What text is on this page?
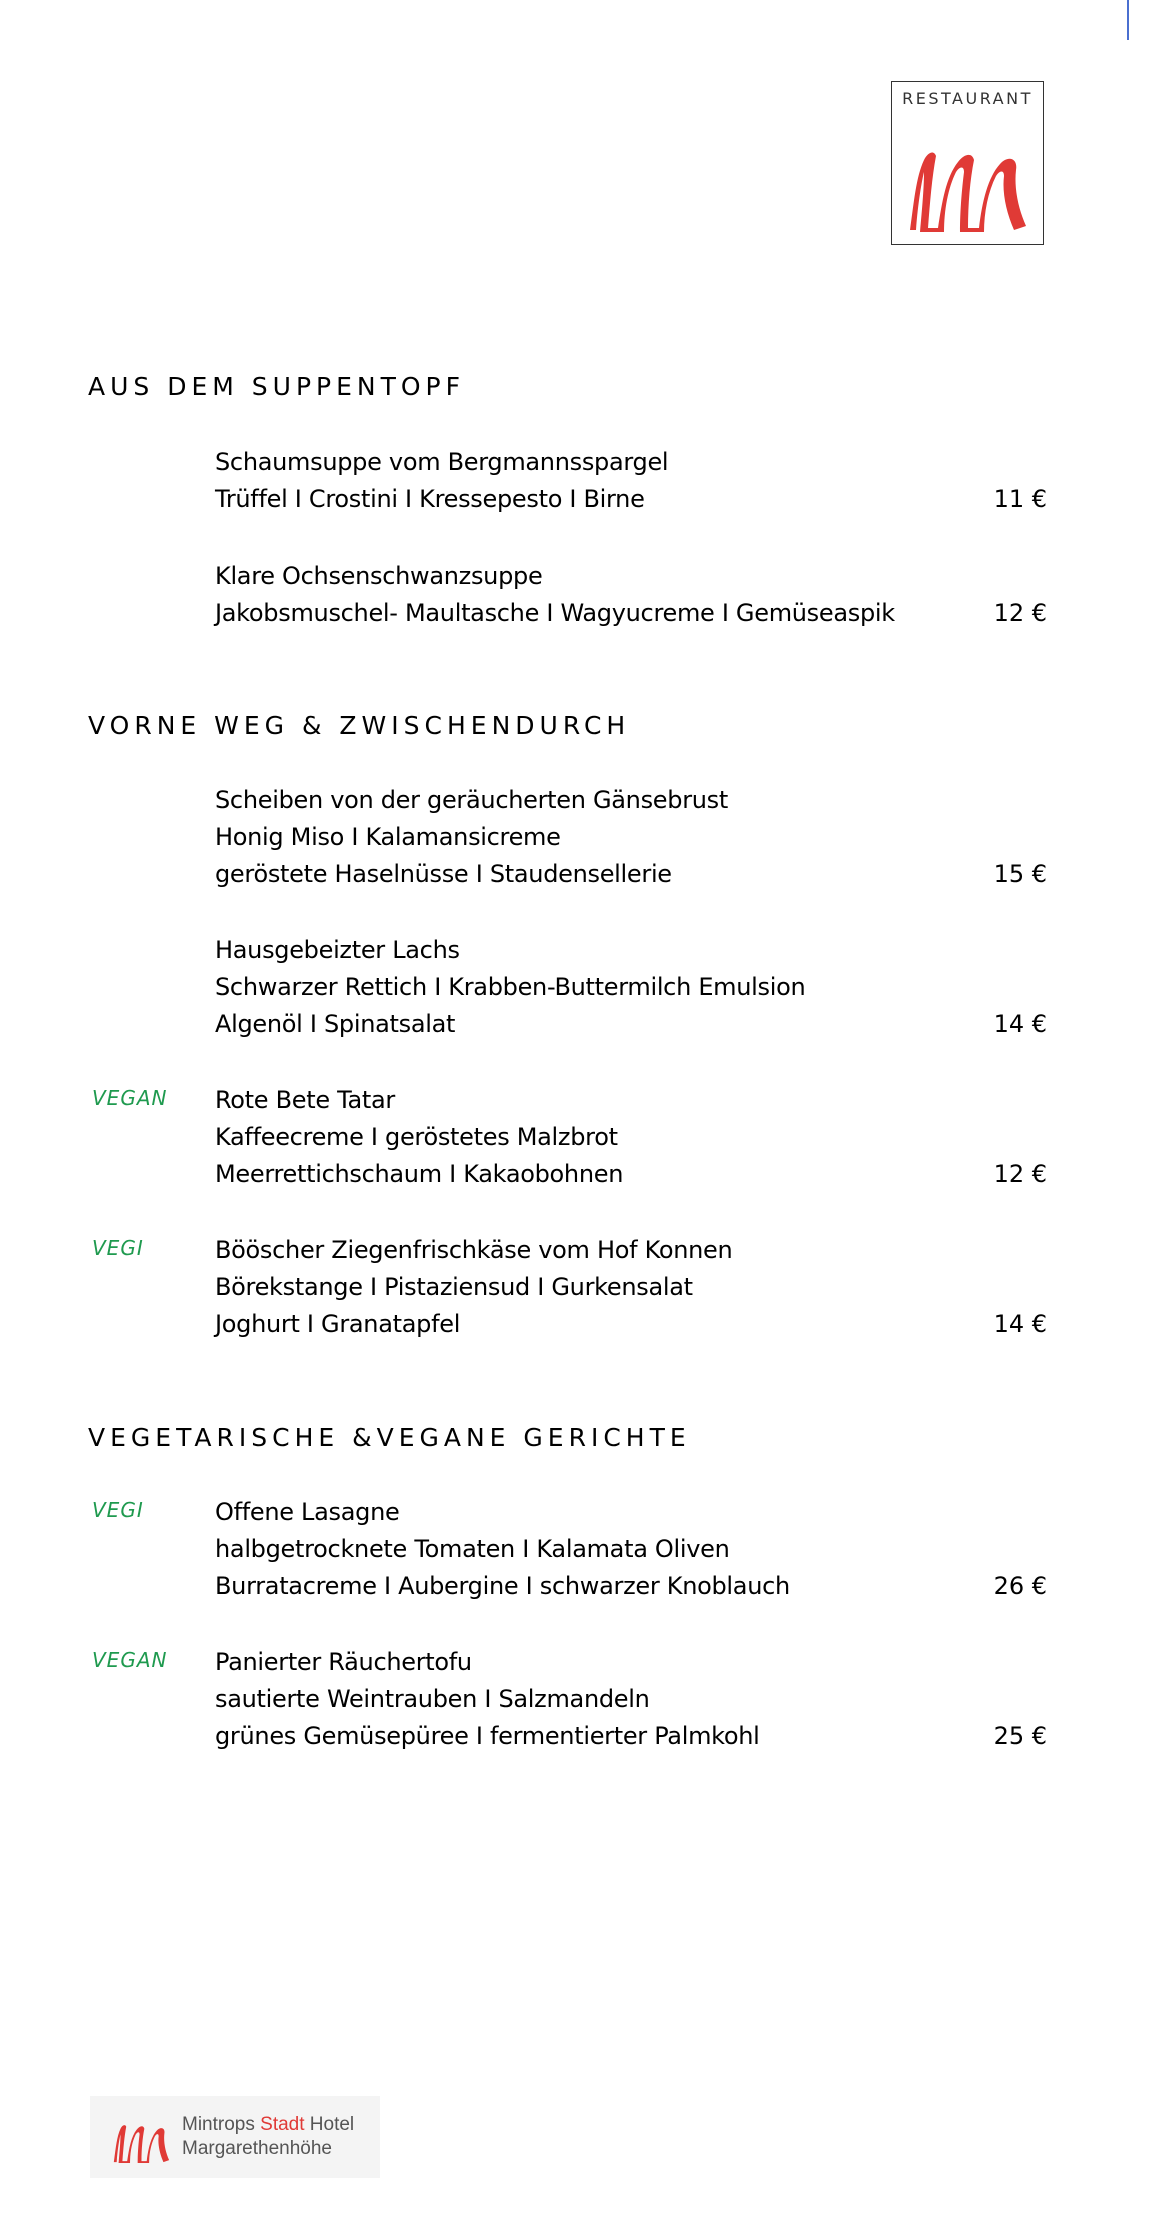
RESTAURANT
AUS DEM SUPPENTOPF
Schaumsuppe vom Bergmannsspargel
Trüffel I Crostini I Kressepesto I Birne	11 €
Klare Ochsenschwanzsuppe
Jakobsmuschel- Maultasche I Wagyucreme I Gemüseaspik	12 €
VORNE WEG & ZWISCHENDURCH
Scheiben von der geräucherten Gänsebrust
Honig Miso I Kalamansicreme
geröstete Haselnüsse I Staudensellerie	15 €
Hausgebeizter Lachs
Schwarzer Rettich I Krabben-Buttermilch Emulsion
Algenöl I Spinatsalat	14 €
VEGAN Rote Bete Tatar
Kaffeecreme I geröstetes Malzbrot
Meerrettichschaum I Kakaobohnen	12 €
VEGI	Bööscher Ziegenfrischkäse vom Hof Konnen
Börekstange I Pistaziensud I Gurkensalat
Joghurt I Granatapfel	14 €
VEGETARISCHE &VEGANE GERICHTE
VEGI	Offene Lasagne
halbgetrocknete Tomaten I Kalamata Oliven
Burratacreme I Aubergine I schwarzer Knoblauch	26 €
VEGAN Panierter Räuchertofu
sautierte Weintrauben I Salzmandeln
grünes Gemüsepüree I fermentierter Palmkohl	25 €
Mintrops Stadt Hotel
Margarethenhöhe
